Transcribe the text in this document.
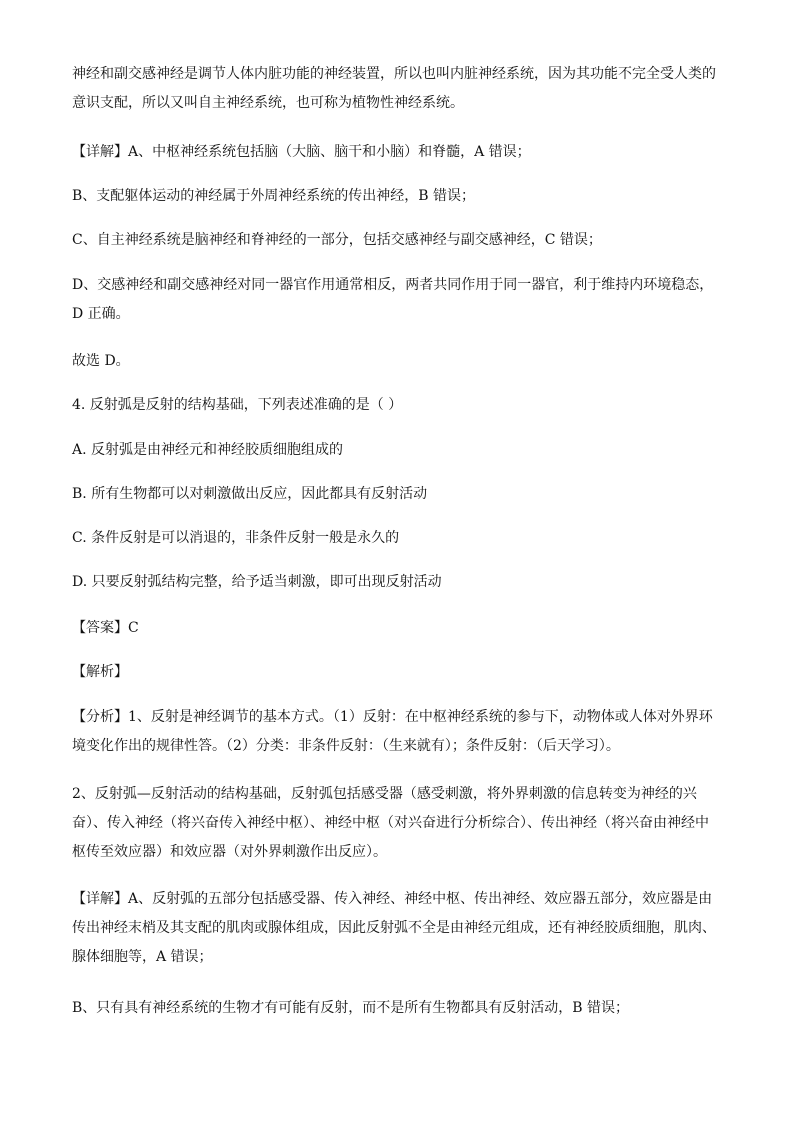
神经和副交感神经是调节人体内脏功能的神经装置，所以也叫内脏神经系统，因为其功能不完全受人类的
意识支配，所以又叫自主神经系统，也可称为植物性神经系统。
【详解】A、中枢神经系统包括脑（大脑、脑干和小脑）和脊髓，A 错误；
B、支配躯体运动的神经属于外周神经系统的传出神经，B 错误；
C、自主神经系统是脑神经和脊神经的一部分，包括交感神经与副交感神经，C 错误；
D、交感神经和副交感神经对同一器官作用通常相反，两者共同作用于同一器官，利于维持内环境稳态，
D 正确。
故选 D。
4. 反射弧是反射的结构基础，下列表述准确的是（ ）
A. 反射弧是由神经元和神经胶质细胞组成的
B. 所有生物都可以对刺激做出反应，因此都具有反射活动
C. 条件反射是可以消退的，非条件反射一般是永久的
D. 只要反射弧结构完整，给予适当刺激，即可出现反射活动
【答案】C
【解析】
【分析】1、反射是神经调节的基本方式。（1）反射：在中枢神经系统的参与下，动物体或人体对外界环
境变化作出的规律性答。（2）分类：非条件反射：（生来就有）；条件反射：（后天学习）。
2、反射弧—反射活动的结构基础，反射弧包括感受器（感受刺激，将外界刺激的信息转变为神经的兴
奋）、传入神经（将兴奋传入神经中枢）、神经中枢（对兴奋进行分析综合）、传出神经（将兴奋由神经中
枢传至效应器）和效应器（对外界刺激作出反应）。
【详解】A、反射弧的五部分包括感受器、传入神经、神经中枢、传出神经、效应器五部分，效应器是由
传出神经末梢及其支配的肌肉或腺体组成，因此反射弧不全是由神经元组成，还有神经胶质细胞，肌肉、
腺体细胞等，A 错误；
B、只有具有神经系统的生物才有可能有反射，而不是所有生物都具有反射活动，B 错误；
